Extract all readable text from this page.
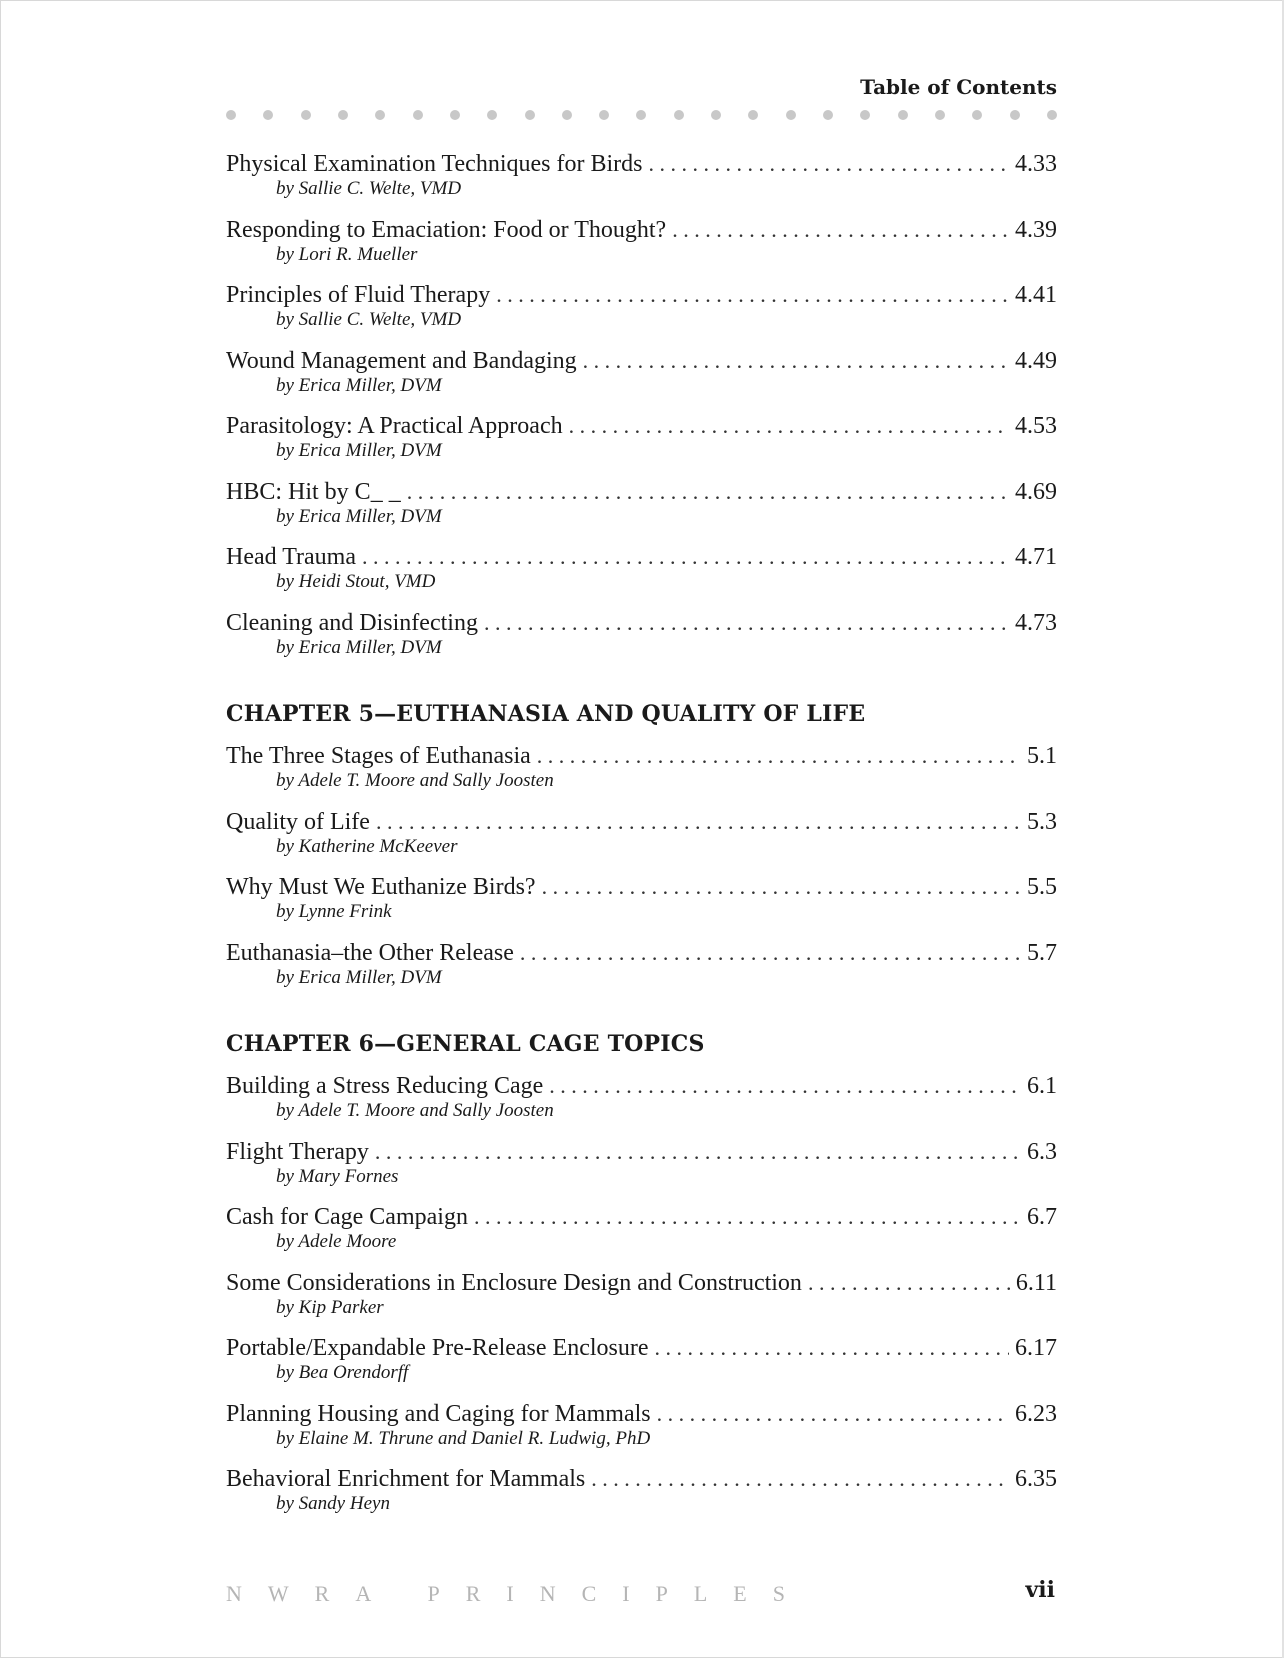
Table of Contents
Physical Examination Techniques for Birds . . .	4.33
by Sallie C. Welte, VMD
Responding to Emaciation: Food or Thought? . . .	4.39
by Lori R. Mueller
Principles of Fluid Therapy . . .	4.41
by Sallie C. Welte, VMD
Wound Management and Bandaging . . .	4.49
by Erica Miller, DVM
Parasitology: A Practical Approach . . .	4.53
by Erica Miller, DVM
HBC: Hit by C_ _ . . .	4.69
by Erica Miller, DVM
Head Trauma . . .	4.71
by Heidi Stout, VMD
Cleaning and Disinfecting . . .	4.73
by Erica Miller, DVM
CHAPTER 5—EUTHANASIA AND QUALITY OF LIFE
The Three Stages of Euthanasia . . .	5.1
by Adele T. Moore and Sally Joosten
Quality of Life . . .	5.3
by Katherine McKeever
Why Must We Euthanize Birds? . . .	5.5
by Lynne Frink
Euthanasia–the Other Release . . .	5.7
by Erica Miller, DVM
CHAPTER 6—GENERAL CAGE TOPICS
Building a Stress Reducing Cage . . .	6.1
by Adele T. Moore and Sally Joosten
Flight Therapy . . .	6.3
by Mary Fornes
Cash for Cage Campaign . . .	6.7
by Adele Moore
Some Considerations in Enclosure Design and Construction . . .	6.11
by Kip Parker
Portable/Expandable Pre-Release Enclosure . . .	6.17
by Bea Orendorff
Planning Housing and Caging for Mammals . . .	6.23
by Elaine M. Thrune and Daniel R. Ludwig, PhD
Behavioral Enrichment for Mammals . . .	6.35
by Sandy Heyn
NWRA PRINCIPLES	vii
